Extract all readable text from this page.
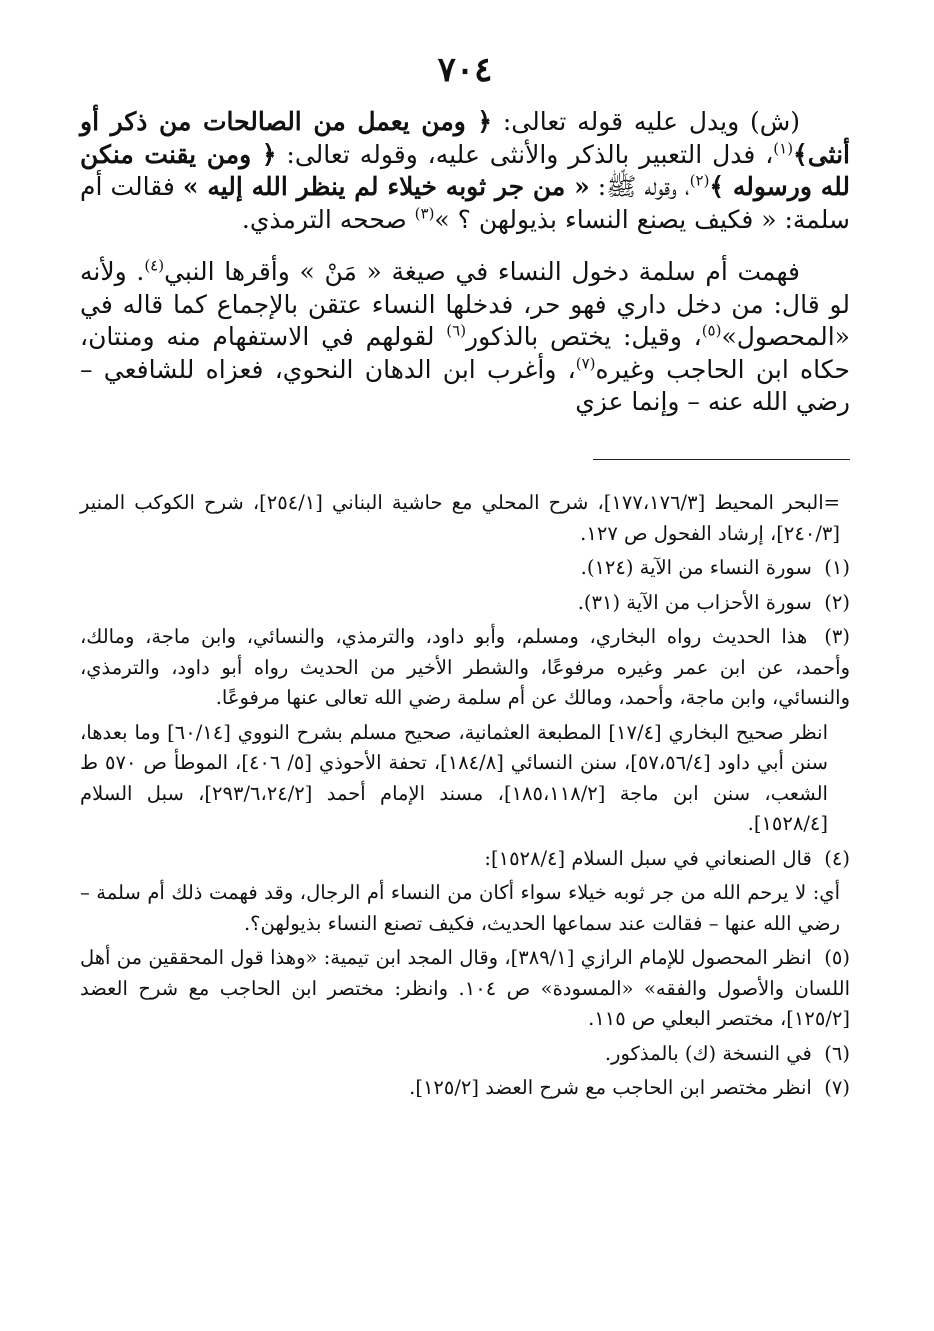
٧٠٤

(ش) ويدل عليه قوله تعالى: ﴿ ومن يعمل من الصالحات من ذكر أو أنثى﴾$^{(١)}$، فدل التعبير بالذكر والأنثى عليه، وقوله تعالى: ﴿ ومن يقنت منكن لله ورسوله ﴾$^{(٢)}$، وقوله ﷺ: « من جر ثوبه خيلاء لم ينظر الله إليه » فقالت أم سلمة: « فكيف يصنع النساء بذيولهن ؟ »$^{(٣)}$ صححه الترمذي.

فهمت أم سلمة دخول النساء في صيغة « مَنْ » وأقرها النبي$^{(٤)}$. ولأنه لو قال: من دخل داري فهو حر، فدخلها النساء عتقن بالإجماع كما قاله في «المحصول»$^{(٥)}$، وقيل: يختص بالذكور$^{(٦)}$ لقولهم في الاستفهام منه ومنتان، حكاه ابن الحاجب وغيره$^{(٧)}$، وأغرب ابن الدهان النحوي، فعزاه للشافعي – رضي الله عنه – وإنما عزي

=البحر المحيط [١٧٧،١٧٦/٣]، شرح المحلي مع حاشية البناني [٢٥٤/١]، شرح الكوكب المنير [٢٤٠/٣]، إرشاد الفحول ص ١٢٧.

(١) سورة النساء من الآية (١٢٤).
(٢) سورة الأحزاب من الآية (٣١).
(٣) هذا الحديث رواه البخاري، ومسلم، وأبو داود، والترمذي، والنسائي، وابن ماجة، ومالك، وأحمد، عن ابن عمر وغيره مرفوعًا، والشطر الأخير من الحديث رواه أبو داود، والترمذي، والنسائي، وابن ماجة، وأحمد، ومالك عن أم سلمة رضي الله تعالى عنها مرفوعًا.

انظر صحيح البخاري [١٧/٤] المطبعة العثمانية، صحيح مسلم بشرح النووي [٦٠/١٤] وما بعدها، سنن أبي داود [٥٧،٥٦/٤]، سنن النسائي [١٨٤/٨]، تحفة الأحوذي [٥/ ٤٠٦]، الموطأ ص ٥٧٠ ط الشعب، سنن ابن ماجة [١٨٥،١١٨/٢]، مسند الإمام أحمد [٢٩٣/٦،٢٤/٢]، سبل السلام [١٥٢٨/٤].

(٤) قال الصنعاني في سبل السلام [١٥٢٨/٤]:

أي: لا يرحم الله من جر ثوبه خيلاء سواء أكان من النساء أم الرجال، وقد فهمت ذلك أم سلمة – رضي الله عنها – فقالت عند سماعها الحديث، فكيف تصنع النساء بذيولهن؟.

(٥) انظر المحصول للإمام الرازي [٣٨٩/١]، وقال المجد ابن تيمية: «وهذا قول المحققين من أهل اللسان والأصول والفقه» «المسودة» ص ١٠٤. وانظر: مختصر ابن الحاجب مع شرح العضد [١٢٥/٢]، مختصر البعلي ص ١١٥.
(٦) في النسخة (ك) بالمذكور.
(٧) انظر مختصر ابن الحاجب مع شرح العضد [١٢٥/٢].
